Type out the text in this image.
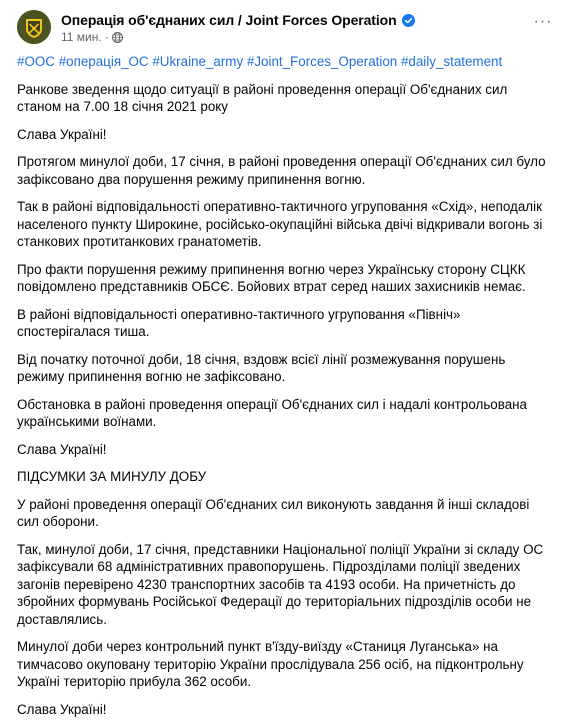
Операція об'єднаних сил / Joint Forces Operation
11 мин. ·
···
#ООС #операція_ОС #Ukraine_army #Joint_Forces_Operation #daily_statement

Ранкове зведення щодо ситуації в районі проведення операції Об'єднаних сил станом на 7.00 18 січня 2021 року

Слава Україні!

Протягом минулої доби, 17 січня, в районі проведення операції Об'єднаних сил було зафіксовано два порушення режиму припинення вогню.

Так в районі відповідальності оперативно-тактичного угруповання «Схід», неподалік населеного пункту Широкине, російсько-окупаційні війська двічі відкривали вогонь зі станкових протитанкових гранатометів.

Про факти порушення режиму припинення вогню через Українську сторону СЦКК повідомлено представників ОБСЄ. Бойових втрат серед наших захисників немає.

В районі відповідальності оперативно-тактичного угруповання «Північ» спостерігалася тиша.

Від початку поточної доби, 18 січня, вздовж всієї лінії розмежування порушень режиму припинення вогню не зафіксовано.

Обстановка в районі проведення операції Об'єднаних сил і надалі контрольована українськими воїнами.

Слава Україні!

ПІДСУМКИ ЗА МИНУЛУ ДОБУ

У районі проведення операції Об'єднаних сил виконують завдання й інші складові сил оборони.

Так, минулої доби, 17 січня, представники Національної поліції України зі складу ОС зафіксували 68 адміністративних правопорушень. Підрозділами поліції зведених загонів перевірено 4230 транспортних засобів та 4193 особи. На причетність до збройних формувань Російської Федерації до територіальних підрозділів особи не доставлялись.

Минулої доби через контрольний пункт в'їзду-виїзду «Станиця Луганська» на тимчасово окуповану територію України прослідувала 256 осіб, на підконтрольну Україні територію прибула 362 особи.

Слава Україні!
